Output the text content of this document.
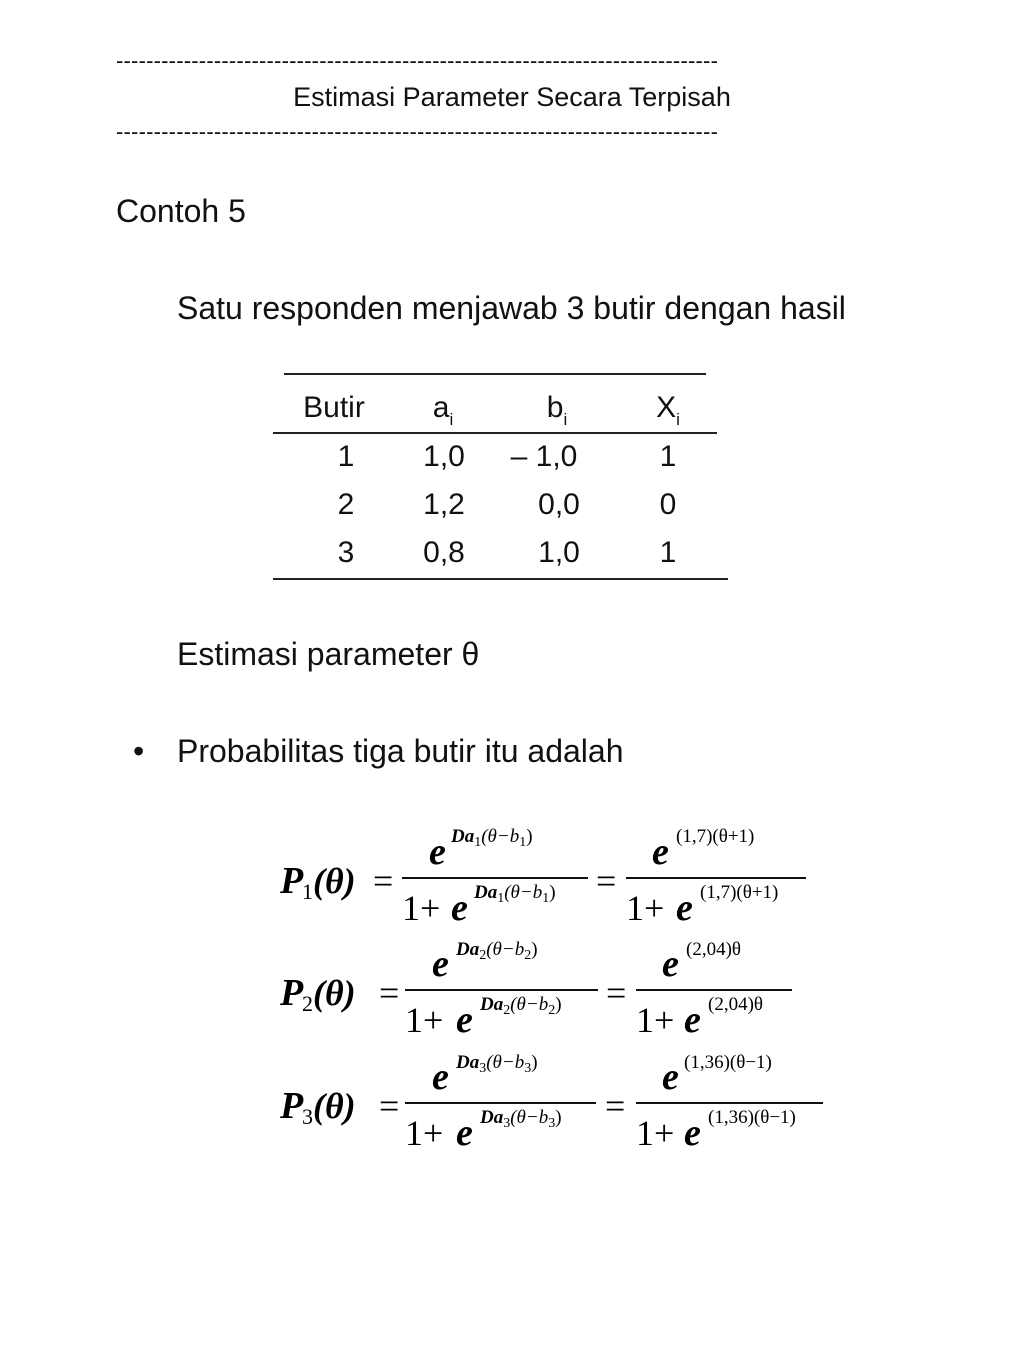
--------------------------------------------------------------------------------
Estimasi Parameter Secara Terpisah
--------------------------------------------------------------------------------
Contoh 5
Satu responden menjawab 3 butir dengan hasil
Butir	$a_i$	$b_i$	$X_i$
1	1,0	– 1,0	1
2	1,2	0,0	0
3	0,8	1,0	1
Estimasi parameter θ
• Probabilitas tiga butir itu adalah
P
1 (θ) =
e $Da_1(\theta-b_1)$
1+ e $Da_1(\theta-b_1)$ =
e (1,7)(θ+1)
1+ e (1,7)(θ+1)
P
2 (θ) =
e $Da_2(\theta-b_2)$
1+ e $Da_2(\theta-b_2)$ =
e (2,04)θ
1+ e (2,04)θ
P
3 (θ) =
e $Da_3(\theta-b_3)$
1+ e $Da_3(\theta-b_3)$ =
e (1,36)(θ−1)
1+ e (1,36)(θ−1)
